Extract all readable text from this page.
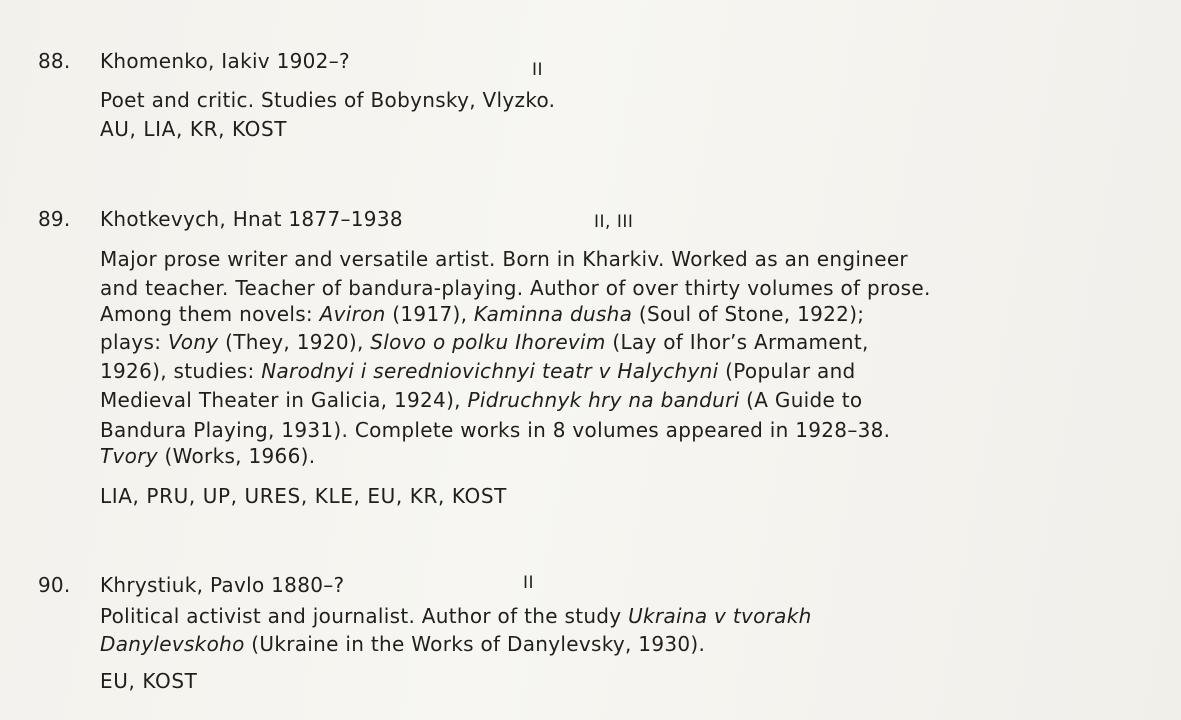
88. Khomenko, Iakiv 1902–?	II
Poet and critic. Studies of Bobynsky, Vlyzko.
AU, LIA, KR, KOST
89. Khotkevych, Hnat 1877–1938	II, III
Major prose writer and versatile artist. Born in Kharkiv. Worked as an engineer
and teacher. Teacher of bandura-playing. Author of over thirty volumes of prose.
Among them novels: Aviron (1917), Kaminna dusha (Soul of Stone, 1922);
plays: Vony (They, 1920), Slovo o polku Ihorevim (Lay of Ihor’s Armament,
1926), studies: Narodnyi i seredniovichnyi teatr v Halychyni (Popular and
Medieval Theater in Galicia, 1924), Pidruchnyk hry na banduri (A Guide to
Bandura Playing, 1931). Complete works in 8 volumes appeared in 1928–38.
Tvory (Works, 1966).
LIA, PRU, UP, URES, KLE, EU, KR, KOST
90. Khrystiuk, Pavlo 1880–?	II
Political activist and journalist. Author of the study Ukraina v tvorakh
Danylevskoho (Ukraine in the Works of Danylevsky, 1930).
EU, KOST
